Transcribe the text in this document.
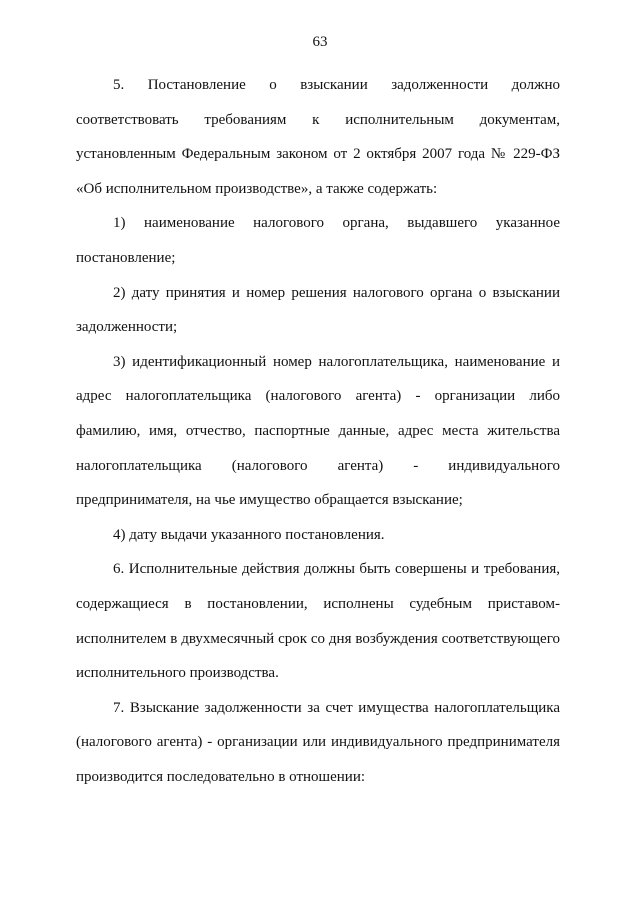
63

5. Постановление о взыскании задолженности должно соответствовать требованиям к исполнительным документам, установленным Федеральным законом от 2 октября 2007 года № 229-ФЗ «Об исполнительном производстве», а также содержать:

1) наименование налогового органа, выдавшего указанное постановление;

2) дату принятия и номер решения налогового органа о взыскании задолженности;

3) идентификационный номер налогоплательщика, наименование и адрес налогоплательщика (налогового агента) - организации либо фамилию, имя, отчество, паспортные данные, адрес места жительства налогоплательщика (налогового агента) - индивидуального предпринимателя, на чье имущество обращается взыскание;

4) дату выдачи указанного постановления.

6. Исполнительные действия должны быть совершены и требования, содержащиеся в постановлении, исполнены судебным приставом-исполнителем в двухмесячный срок со дня возбуждения соответствующего исполнительного производства.

7. Взыскание задолженности за счет имущества налогоплательщика (налогового агента) - организации или индивидуального предпринимателя производится последовательно в отношении:
